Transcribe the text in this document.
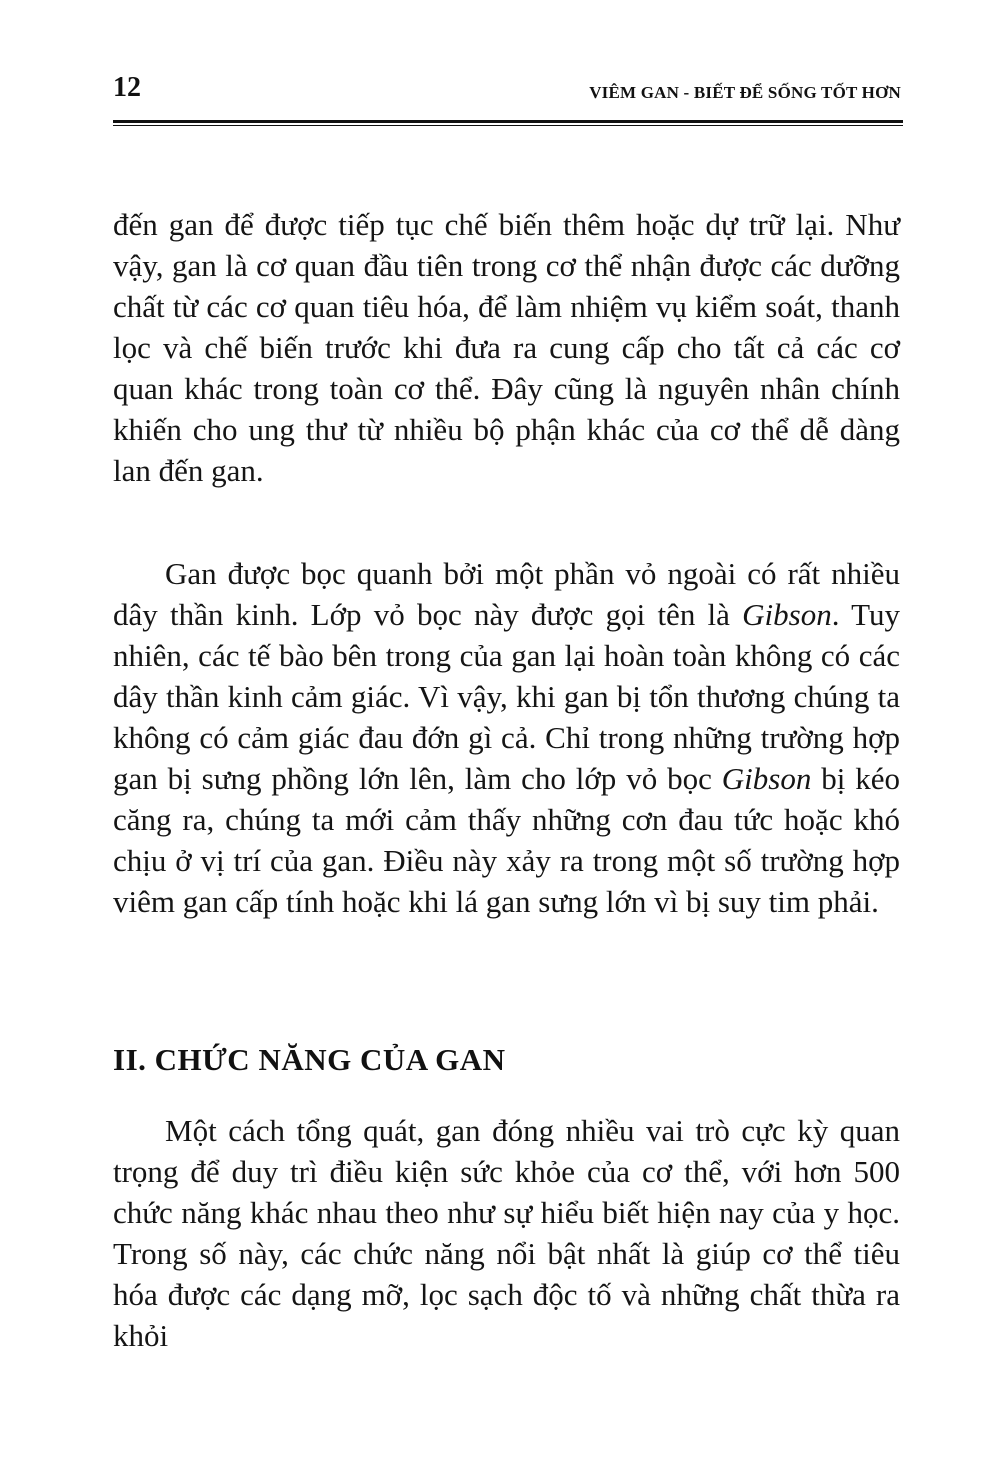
12	VIÊM GAN - BIẾT ĐỂ SỐNG TỐT HƠN

đến gan để được tiếp tục chế biến thêm hoặc dự trữ lại. Như vậy, gan là cơ quan đầu tiên trong cơ thể nhận được các dưỡng chất từ các cơ quan tiêu hóa, để làm nhiệm vụ kiểm soát, thanh lọc và chế biến trước khi đưa ra cung cấp cho tất cả các cơ quan khác trong toàn cơ thể. Đây cũng là nguyên nhân chính khiến cho ung thư từ nhiều bộ phận khác của cơ thể dễ dàng lan đến gan.

Gan được bọc quanh bởi một phần vỏ ngoài có rất nhiều dây thần kinh. Lớp vỏ bọc này được gọi tên là Gibson. Tuy nhiên, các tế bào bên trong của gan lại hoàn toàn không có các dây thần kinh cảm giác. Vì vậy, khi gan bị tổn thương chúng ta không có cảm giác đau đớn gì cả. Chỉ trong những trường hợp gan bị sưng phồng lớn lên, làm cho lớp vỏ bọc Gibson bị kéo căng ra, chúng ta mới cảm thấy những cơn đau tức hoặc khó chịu ở vị trí của gan. Điều này xảy ra trong một số trường hợp viêm gan cấp tính hoặc khi lá gan sưng lớn vì bị suy tim phải.

II. CHỨC NĂNG CỦA GAN

Một cách tổng quát, gan đóng nhiều vai trò cực kỳ quan trọng để duy trì điều kiện sức khỏe của cơ thể, với hơn 500 chức năng khác nhau theo như sự hiểu biết hiện nay của y học. Trong số này, các chức năng nổi bật nhất là giúp cơ thể tiêu hóa được các dạng mỡ, lọc sạch độc tố và những chất thừa ra khỏi
